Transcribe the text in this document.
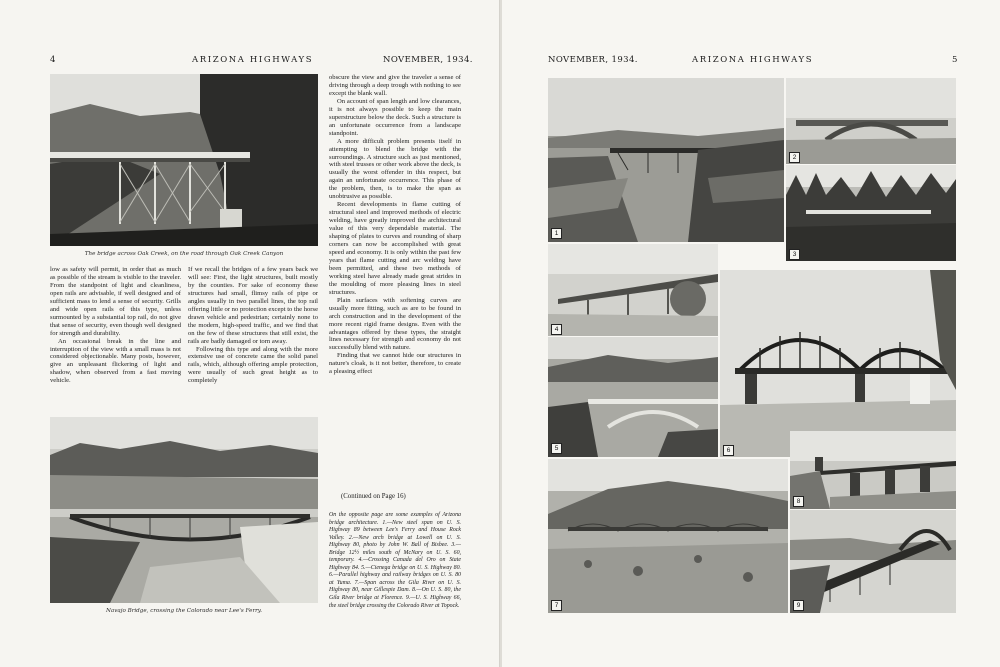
4	ARIZONA HIGHWAYS	NOVEMBER, 1934.
The bridge across Oak Creek, on the road through Oak Creek Canyon

low as safety will permit, in order that as much as possible of the stream is visible to the traveler. From the standpoint of light and cleanliness, open rails are advisable, if well designed and of sufficient mass to lend a sense of security. Grills and wide open rails of this type, unless surmounted by a substantial top rail, do not give that sense of security, even though well designed for strength and durability.

An occasional break in the line and interruption of the view with a small mass is not considered objectionable. Many posts, however, give an unpleasant flickering of light and shadow, when observed from a fast moving vehicle.

If we recall the bridges of a few years back we will see: First, the light structures, built mostly by the counties. For sake of economy these structures had small, flimsy rails of pipe or angles usually in two parallel lines, the top rail offering little or no protection except to the horse drawn vehicle and pedestrian; certainly none to the modern, high-speed traffic, and we find that on the few of these structures that still exist, the rails are badly damaged or torn away.

Following this type and along with the more extensive use of concrete came the solid panel rails, which, although offering ample protection, were usually of such great height as to completely

Navajo Bridge, crossing the Colorado near Lee's Ferry.

obscure the view and give the traveler a sense of driving through a deep trough with nothing to see except the blank wall.

On account of span length and low clearances, it is not always possible to keep the main superstructure below the deck. Such a structure is an unfortunate occurrence from a landscape standpoint.

A more difficult problem presents itself in attempting to blend the bridge with the surroundings. A structure such as just mentioned, with steel trusses or other work above the deck, is usually the worst offender in this respect, but again an unfortunate occurrence. This phase of the problem, then, is to make the span as unobtrusive as possible.

Recent developments in flame cutting of structural steel and improved methods of electric welding, have greatly improved the architectural value of this very dependable material. The shaping of plates to curves and rounding of sharp corners can now be accomplished with great speed and economy. It is only within the past few years that flame cutting and arc welding have been permitted, and these two methods of working steel have already made great strides in the moulding of more pleasing lines in steel structures.

Plain surfaces with softening curves are usually more fitting, such as are to be found in arch construction and in the development of the more recent rigid frame designs. Even with the advantages offered by these types, the straight lines necessary for strength and economy do not successfully blend with nature.

Finding that we cannot hide our structures in nature's cloak, is it not better, therefore, to create a pleasing effect

(Continued on Page 16)
On the opposite page are some examples of Arizona bridge architecture. 1.—New steel span on U. S. Highway 89 between Lee's Ferry and House Rock Valley. 2.—New arch bridge at Lowell on U. S. Highway 80, photo by John W. Ball of Bisbee. 3.—Bridge 12½ miles south of McNary on U. S. 60, temporary. 4.—Crossing Canada del Oro on State Highway 84. 5.—Cienega bridge on U. S. Highway 80. 6.—Parallel highway and railway bridges on U. S. 80 at Yuma. 7.—Span across the Gila River on U. S. Highway 80, near Gillespie Dam. 8.—On U. S. 80, the Gila River bridge at Florence. 9.—U. S. Highway 66, the steel bridge crossing the Colorado River at Topock.
NOVEMBER, 1934.	ARIZONA HIGHWAYS	5
1
2
3
4
5	6
7
8
9
